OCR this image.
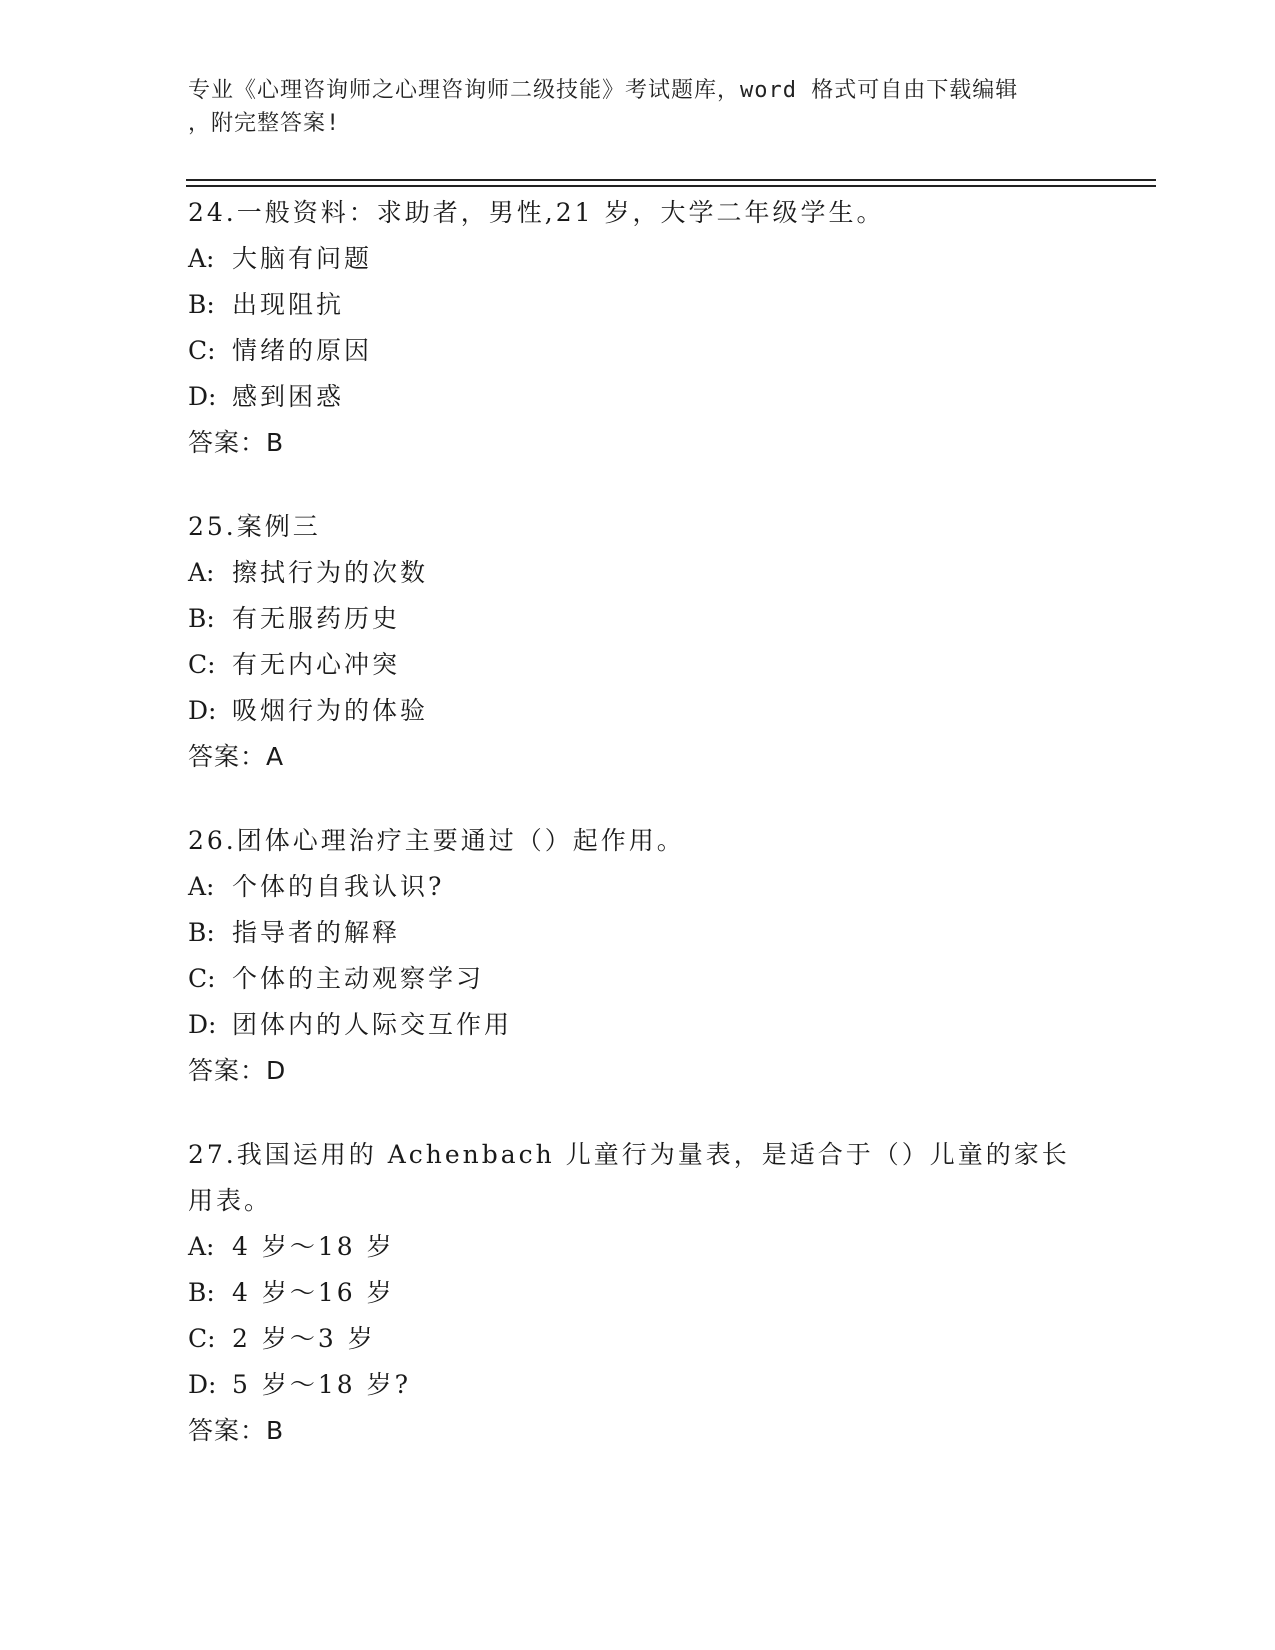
专业《心理咨询师之心理咨询师二级技能》考试题库，word 格式可自由下载编辑
，附完整答案!

24.一般资料：求助者，男性,21 岁，大学二年级学生。

A: 大脑有问题

B: 出现阻抗

C: 情绪的原因

D: 感到困惑

答案：B

25.案例三

A: 擦拭行为的次数

B: 有无服药历史

C: 有无内心冲突

D: 吸烟行为的体验

答案：A

26.团体心理治疗主要通过（）起作用。

A: 个体的自我认识?

B: 指导者的解释

C: 个体的主动观察学习

D: 团体内的人际交互作用

答案：D

27.我国运用的 Achenbach 儿童行为量表，是适合于（）儿童的家长用表。

A: 4 岁～18 岁

B: 4 岁～16 岁

C: 2 岁～3 岁

D: 5 岁～18 岁?

答案：B
